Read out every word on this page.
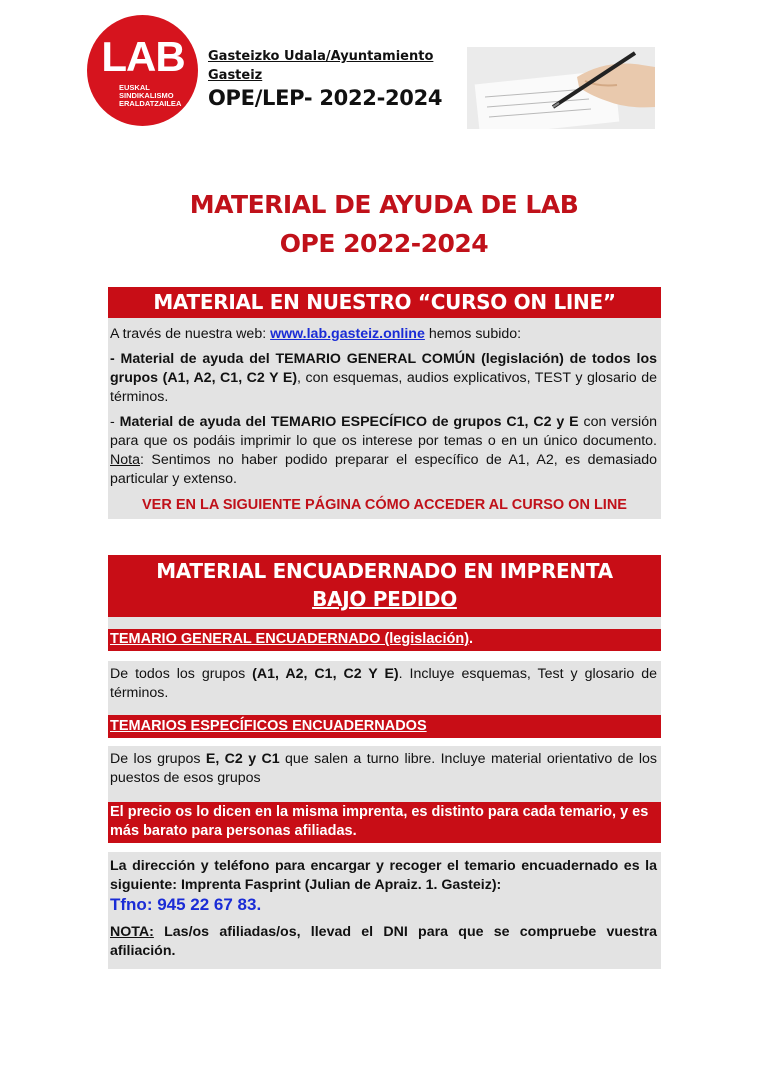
LAB
EUSKAL
SINDIKALISMO
ERALDATZAILEA
Gasteizko Udala/Ayuntamiento Gasteiz
OPE/LEP- 2022-2024
MATERIAL DE AYUDA DE LAB
OPE 2022-2024
MATERIAL EN NUESTRO “CURSO ON LINE”
A través de nuestra web: www.lab.gasteiz.online hemos subido:
- Material de ayuda del TEMARIO GENERAL COMÚN (legislación) de todos los grupos (A1, A2, C1, C2 Y E), con esquemas, audios explicativos, TEST y glosario de términos.
- Material de ayuda del TEMARIO ESPECÍFICO de grupos C1, C2 y E con versión para que os podáis imprimir lo que os interese por temas o en un único documento. Nota: Sentimos no haber podido preparar el específico de A1, A2, es demasiado particular y extenso.
VER EN LA SIGUIENTE PÁGINA CÓMO ACCEDER AL CURSO ON LINE
MATERIAL ENCUADERNADO EN IMPRENTA
BAJO PEDIDO
TEMARIO GENERAL ENCUADERNADO (legislación).
De todos los grupos (A1, A2, C1, C2 Y E). Incluye esquemas, Test y glosario de términos.
TEMARIOS ESPECÍFICOS ENCUADERNADOS
De los grupos E, C2 y C1 que salen a turno libre. Incluye material orientativo de los puestos de esos grupos
El precio os lo dicen en la misma imprenta, es distinto para cada temario, y es más barato para personas afiliadas.
La dirección y teléfono para encargar y recoger el temario encuadernado es la siguiente: Imprenta Fasprint (Julian de Apraiz. 1. Gasteiz):
Tfno: 945 22 67 83.
NOTA: Las/os afiliadas/os, llevad el DNI para que se compruebe vuestra afiliación.
